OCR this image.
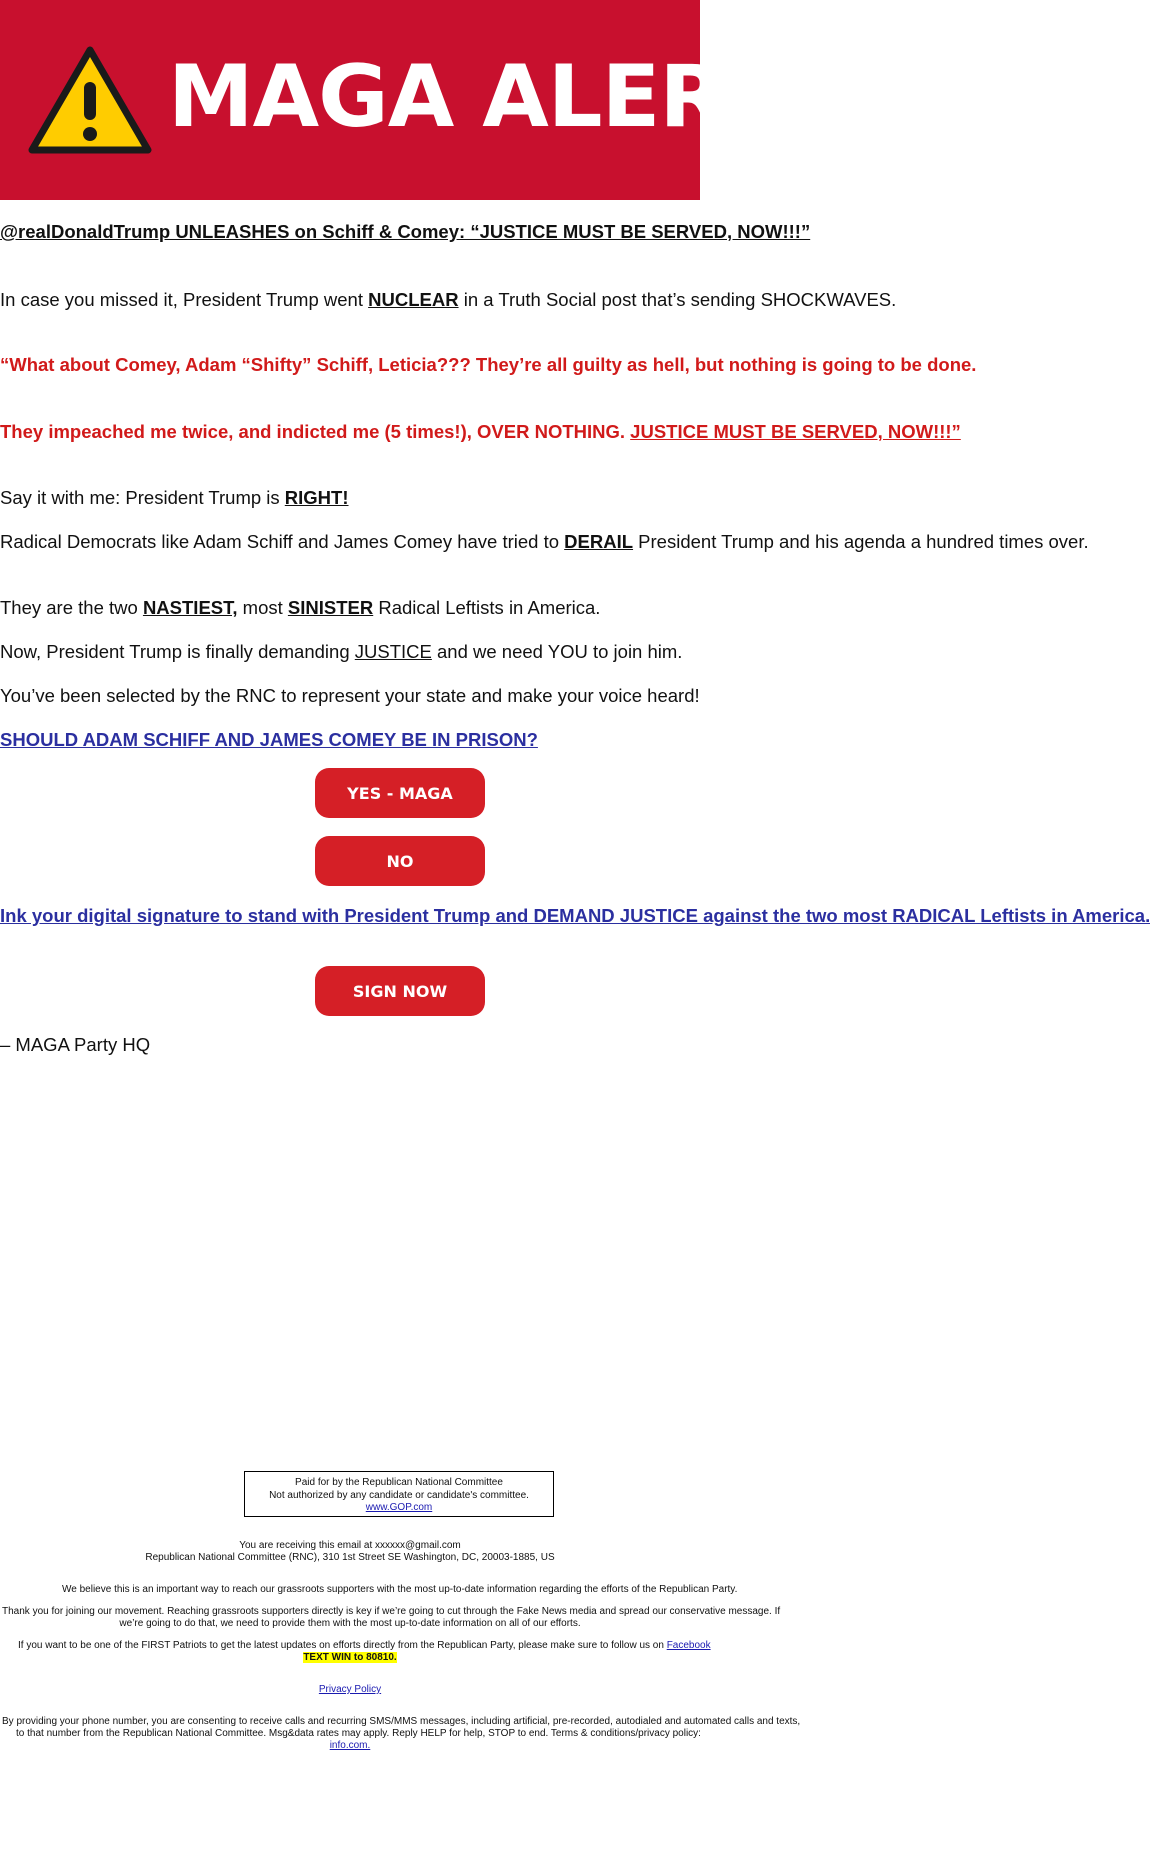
MAGA ALERT !!

@realDonaldTrump UNLEASHES on Schiff & Comey: “JUSTICE MUST BE SERVED, NOW!!!”

In case you missed it, President Trump went NUCLEAR in a Truth Social post that’s sending SHOCKWAVES.

“What about Comey, Adam “Shifty” Schiff, Leticia??? They’re all guilty as hell, but nothing is going to be done.

They impeached me twice, and indicted me (5 times!), OVER NOTHING. JUSTICE MUST BE SERVED, NOW!!!”

Say it with me: President Trump is RIGHT!

Radical Democrats like Adam Schiff and James Comey have tried to DERAIL President Trump and his agenda a hundred times over.

They are the two NASTIEST, most SINISTER Radical Leftists in America.

Now, President Trump is finally demanding JUSTICE and we need YOU to join him.

You’ve been selected by the RNC to represent your state and make your voice heard!

SHOULD ADAM SCHIFF AND JAMES COMEY BE IN PRISON?

YES - MAGA
NO

Ink your digital signature to stand with President Trump and DEMAND JUSTICE against the two most RADICAL Leftists in America.

SIGN NOW
– MAGA Party HQ
Paid for by the Republican National Committee
Not authorized by any candidate or candidate's committee.
www.GOP.com
You are receiving this email at xxxxxx@gmail.com
Republican National Committee (RNC), 310 1st Street SE Washington, DC, 20003-1885, US
We believe this is an important way to reach our grassroots supporters with the most up-to-date information regarding the efforts of the Republican Party.
Thank you for joining our movement. Reaching grassroots supporters directly is key if we’re going to cut through the Fake News media and spread our conservative message. If
we’re going to do that, we need to provide them with the most up-to-date information on all of our efforts.
If you want to be one of the FIRST Patriots to get the latest updates on efforts directly from the Republican Party, please make sure to follow us on Facebook
TEXT WIN to 80810.
Privacy Policy
By providing your phone number, you are consenting to receive calls and recurring SMS/MMS messages, including artificial, pre-recorded, autodialed and automated calls and texts,
to that number from the Republican National Committee. Msg&data rates may apply. Reply HELP for help, STOP to end. Terms & conditions/privacy policy:
info.com.
